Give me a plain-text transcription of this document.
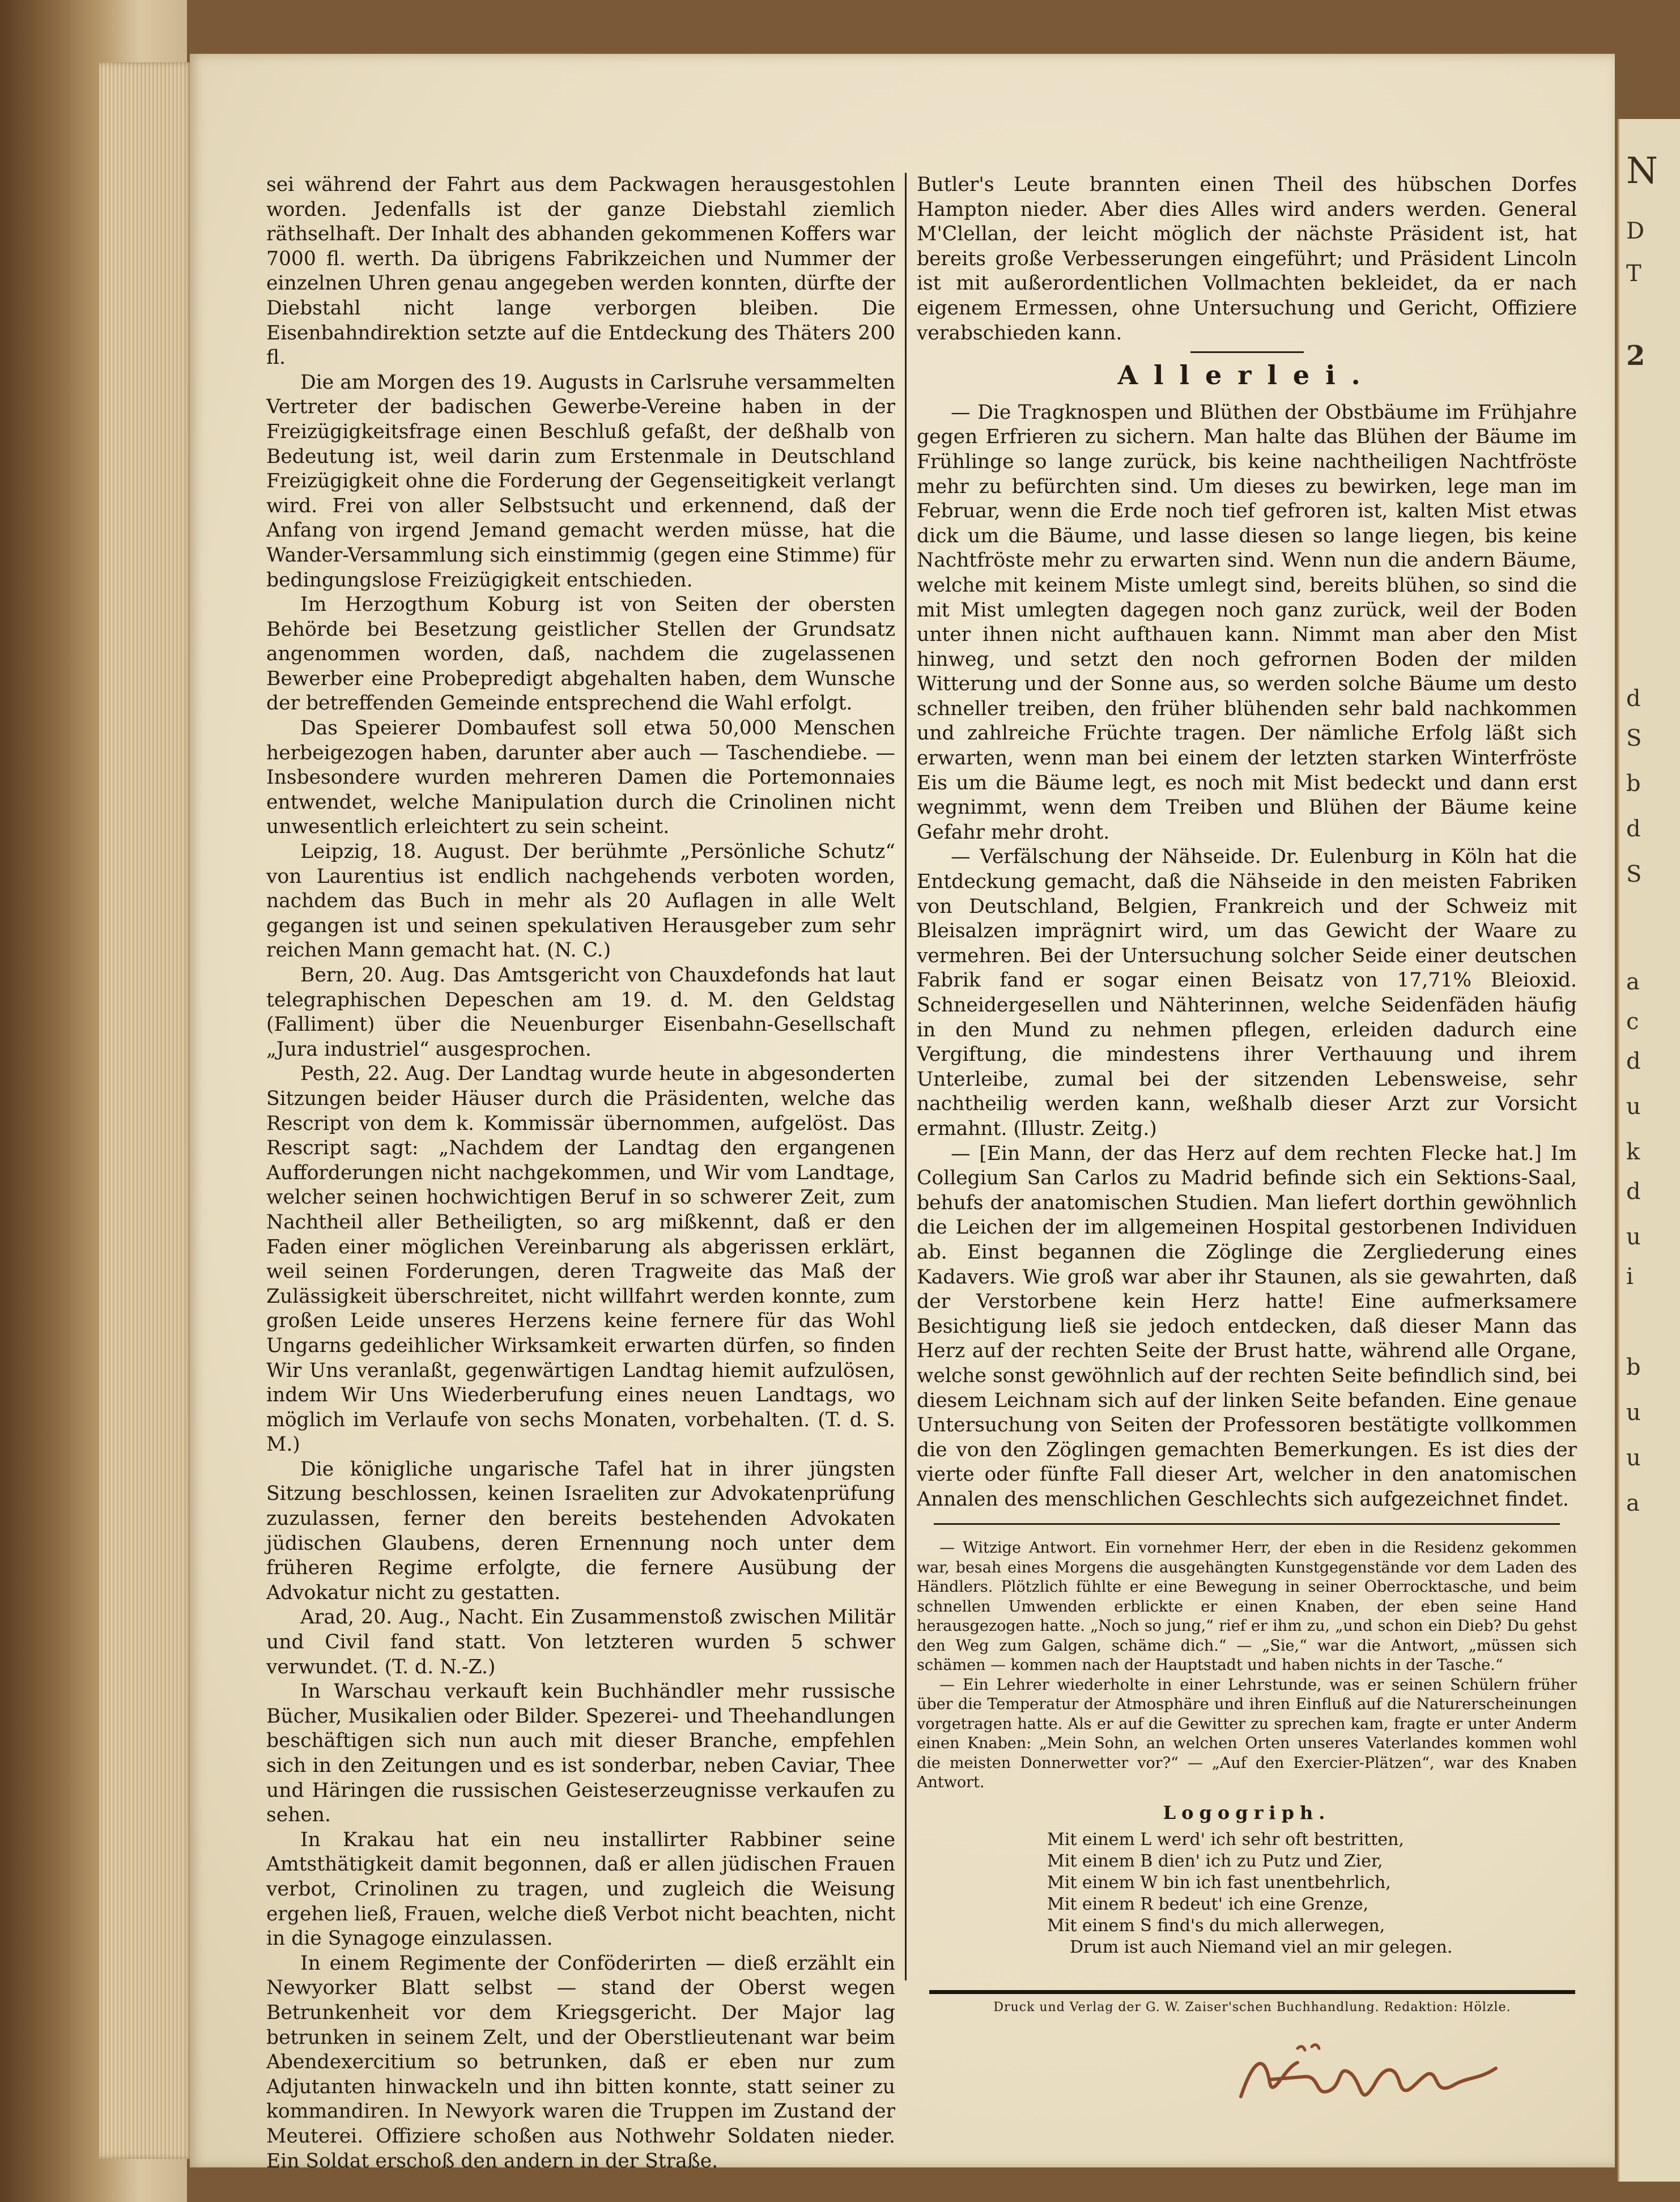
N
D
T
2
d
S
b
d
S
a
c
d
u
k
d
u
i
b
u
u
a

sei während der Fahrt aus dem Packwagen herausgestohlen worden. Jedenfalls ist der ganze Diebstahl ziemlich räthselhaft. Der Inhalt des abhanden gekommenen Koffers war 7000 fl. werth. Da übrigens Fabrikzeichen und Nummer der einzelnen Uhren genau angegeben werden konnten, dürfte der Diebstahl nicht lange verborgen bleiben. Die Eisenbahndirektion setzte auf die Entdeckung des Thäters 200 fl.

Die am Morgen des 19. Augusts in Carlsruhe versammelten Vertreter der badischen Gewerbe-Vereine haben in der Freizügigkeitsfrage einen Beschluß gefaßt, der deßhalb von Bedeutung ist, weil darin zum Erstenmale in Deutschland Freizügigkeit ohne die Forderung der Gegenseitigkeit verlangt wird. Frei von aller Selbstsucht und erkennend, daß der Anfang von irgend Jemand gemacht werden müsse, hat die Wander-Versammlung sich einstimmig (gegen eine Stimme) für bedingungslose Freizügigkeit entschieden.

Im Herzogthum Koburg ist von Seiten der obersten Behörde bei Besetzung geistlicher Stellen der Grundsatz angenommen worden, daß, nachdem die zugelassenen Bewerber eine Probepredigt abgehalten haben, dem Wunsche der betreffenden Gemeinde entsprechend die Wahl erfolgt.

Das Speierer Dombaufest soll etwa 50,000 Menschen herbeigezogen haben, darunter aber auch — Taschendiebe. — Insbesondere wurden mehreren Damen die Portemonnaies entwendet, welche Manipulation durch die Crinolinen nicht unwesentlich erleichtert zu sein scheint.

Leipzig, 18. August. Der berühmte „Persönliche Schutz“ von Laurentius ist endlich nachgehends verboten worden, nachdem das Buch in mehr als 20 Auflagen in alle Welt gegangen ist und seinen spekulativen Herausgeber zum sehr reichen Mann gemacht hat. (N. C.)

Bern, 20. Aug. Das Amtsgericht von Chauxdefonds hat laut telegraphischen Depeschen am 19. d. M. den Geldstag (Falliment) über die Neuenburger Eisenbahn-Gesellschaft „Jura industriel“ ausgesprochen.

Pesth, 22. Aug. Der Landtag wurde heute in abgesonderten Sitzungen beider Häuser durch die Präsidenten, welche das Rescript von dem k. Kommissär übernommen, aufgelöst. Das Rescript sagt: „Nachdem der Landtag den ergangenen Aufforderungen nicht nachgekommen, und Wir vom Landtage, welcher seinen hochwichtigen Beruf in so schwerer Zeit, zum Nachtheil aller Betheiligten, so arg mißkennt, daß er den Faden einer möglichen Vereinbarung als abgerissen erklärt, weil seinen Forderungen, deren Tragweite das Maß der Zulässigkeit überschreitet, nicht willfahrt werden konnte, zum großen Leide unseres Herzens keine fernere für das Wohl Ungarns gedeihlicher Wirksamkeit erwarten dürfen, so finden Wir Uns veranlaßt, gegenwärtigen Landtag hiemit aufzulösen, indem Wir Uns Wiederberufung eines neuen Landtags, wo möglich im Verlaufe von sechs Monaten, vorbehalten. (T. d. S. M.)

Die königliche ungarische Tafel hat in ihrer jüngsten Sitzung beschlossen, keinen Israeliten zur Advokatenprüfung zuzulassen, ferner den bereits bestehenden Advokaten jüdischen Glaubens, deren Ernennung noch unter dem früheren Regime erfolgte, die fernere Ausübung der Advokatur nicht zu gestatten.

Arad, 20. Aug., Nacht. Ein Zusammenstoß zwischen Militär und Civil fand statt. Von letzteren wurden 5 schwer verwundet. (T. d. N.-Z.)

In Warschau verkauft kein Buchhändler mehr russische Bücher, Musikalien oder Bilder. Spezerei- und Theehandlungen beschäftigen sich nun auch mit dieser Branche, empfehlen sich in den Zeitungen und es ist sonderbar, neben Caviar, Thee und Häringen die russischen Geisteserzeugnisse verkaufen zu sehen.

In Krakau hat ein neu installirter Rabbiner seine Amtsthätigkeit damit begonnen, daß er allen jüdischen Frauen verbot, Crinolinen zu tragen, und zugleich die Weisung ergehen ließ, Frauen, welche dieß Verbot nicht beachten, nicht in die Synagoge einzulassen.

In einem Regimente der Conföderirten — dieß erzählt ein Newyorker Blatt selbst — stand der Oberst wegen Betrunkenheit vor dem Kriegsgericht. Der Major lag betrunken in seinem Zelt, und der Oberstlieutenant war beim Abendexercitium so betrunken, daß er eben nur zum Adjutanten hinwackeln und ihn bitten konnte, statt seiner zu kommandiren. In Newyork waren die Truppen im Zustand der Meuterei. Offiziere schoßen aus Nothwehr Soldaten nieder. Ein Soldat erschoß den andern in der Straße.

Butler's Leute brannten einen Theil des hübschen Dorfes Hampton nieder. Aber dies Alles wird anders werden. General M'Clellan, der leicht möglich der nächste Präsident ist, hat bereits große Verbesserungen eingeführt; und Präsident Lincoln ist mit außerordentlichen Vollmachten bekleidet, da er nach eigenem Ermessen, ohne Untersuchung und Gericht, Offiziere verabschieden kann.

Allerlei.

— Die Tragknospen und Blüthen der Obstbäume im Frühjahre gegen Erfrieren zu sichern. Man halte das Blühen der Bäume im Frühlinge so lange zurück, bis keine nachtheiligen Nachtfröste mehr zu befürchten sind. Um dieses zu bewirken, lege man im Februar, wenn die Erde noch tief gefroren ist, kalten Mist etwas dick um die Bäume, und lasse diesen so lange liegen, bis keine Nachtfröste mehr zu erwarten sind. Wenn nun die andern Bäume, welche mit keinem Miste umlegt sind, bereits blühen, so sind die mit Mist umlegten dagegen noch ganz zurück, weil der Boden unter ihnen nicht aufthauen kann. Nimmt man aber den Mist hinweg, und setzt den noch gefrornen Boden der milden Witterung und der Sonne aus, so werden solche Bäume um desto schneller treiben, den früher blühenden sehr bald nachkommen und zahlreiche Früchte tragen. Der nämliche Erfolg läßt sich erwarten, wenn man bei einem der letzten starken Winterfröste Eis um die Bäume legt, es noch mit Mist bedeckt und dann erst wegnimmt, wenn dem Treiben und Blühen der Bäume keine Gefahr mehr droht.

— Verfälschung der Nähseide. Dr. Eulenburg in Köln hat die Entdeckung gemacht, daß die Nähseide in den meisten Fabriken von Deutschland, Belgien, Frankreich und der Schweiz mit Bleisalzen imprägnirt wird, um das Gewicht der Waare zu vermehren. Bei der Untersuchung solcher Seide einer deutschen Fabrik fand er sogar einen Beisatz von 17,71% Bleioxid. Schneidergesellen und Nähterinnen, welche Seidenfäden häufig in den Mund zu nehmen pflegen, erleiden dadurch eine Vergiftung, die mindestens ihrer Verthauung und ihrem Unterleibe, zumal bei der sitzenden Lebensweise, sehr nachtheilig werden kann, weßhalb dieser Arzt zur Vorsicht ermahnt. (Illustr. Zeitg.)

— [Ein Mann, der das Herz auf dem rechten Flecke hat.] Im Collegium San Carlos zu Madrid befinde sich ein Sektions-Saal, behufs der anatomischen Studien. Man liefert dorthin gewöhnlich die Leichen der im allgemeinen Hospital gestorbenen Individuen ab. Einst begannen die Zöglinge die Zergliederung eines Kadavers. Wie groß war aber ihr Staunen, als sie gewahrten, daß der Verstorbene kein Herz hatte! Eine aufmerksamere Besichtigung ließ sie jedoch entdecken, daß dieser Mann das Herz auf der rechten Seite der Brust hatte, während alle Organe, welche sonst gewöhnlich auf der rechten Seite befindlich sind, bei diesem Leichnam sich auf der linken Seite befanden. Eine genaue Untersuchung von Seiten der Professoren bestätigte vollkommen die von den Zöglingen gemachten Bemerkungen. Es ist dies der vierte oder fünfte Fall dieser Art, welcher in den anatomischen Annalen des menschlichen Geschlechts sich aufgezeichnet findet.

— Witzige Antwort. Ein vornehmer Herr, der eben in die Residenz gekommen war, besah eines Morgens die ausgehängten Kunstgegenstände vor dem Laden des Händlers. Plötzlich fühlte er eine Bewegung in seiner Oberrocktasche, und beim schnellen Umwenden erblickte er einen Knaben, der eben seine Hand herausgezogen hatte. „Noch so jung,“ rief er ihm zu, „und schon ein Dieb? Du gehst den Weg zum Galgen, schäme dich.“ — „Sie,“ war die Antwort, „müssen sich schämen — kommen nach der Hauptstadt und haben nichts in der Tasche.“

— Ein Lehrer wiederholte in einer Lehrstunde, was er seinen Schülern früher über die Temperatur der Atmosphäre und ihren Einfluß auf die Naturerscheinungen vorgetragen hatte. Als er auf die Gewitter zu sprechen kam, fragte er unter Anderm einen Knaben: „Mein Sohn, an welchen Orten unseres Vaterlandes kommen wohl die meisten Donnerwetter vor?“ — „Auf den Exercier-Plätzen“, war des Knaben Antwort.

Logogriph.
Mit einem L werd' ich sehr oft bestritten,
Mit einem B dien' ich zu Putz und Zier,
Mit einem W bin ich fast unentbehrlich,
Mit einem R bedeut' ich eine Grenze,
Mit einem S find's du mich allerwegen,
Drum ist auch Niemand viel an mir gelegen.
Druck und Verlag der G. W. Zaiser'schen Buchhandlung. Redaktion: Hölzle.
